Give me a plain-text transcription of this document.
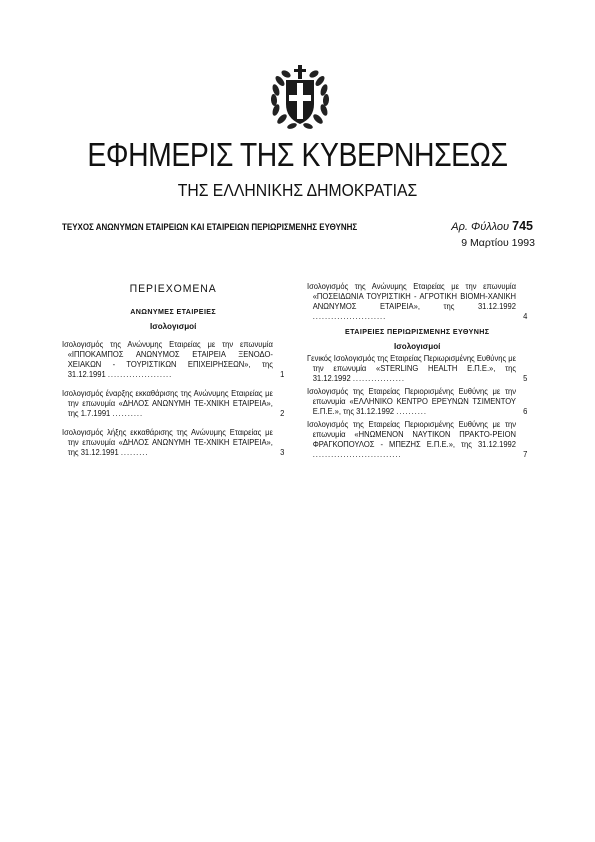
ΕΦΗΜΕΡΙΣ ΤΗΣ ΚΥΒΕΡΝΗΣΕΩΣ
ΤΗΣ ΕΛΛΗΝΙΚΗΣ ΔΗΜΟΚΡΑΤΙΑΣ
ΤΕΥΧΟΣ ΑΝΩΝΥΜΩΝ ΕΤΑΙΡΕΙΩΝ ΚΑΙ ΕΤΑΙΡΕΙΩΝ ΠΕΡΙΩΡΙΣΜΕΝΗΣ ΕΥΘΥΝΗΣ	Αρ. Φύλλου 745
9 Μαρτίου 1993
ΠΕΡΙΕΧΟΜΕΝΑ
ΑΝΩΝΥΜΕΣ ΕΤΑΙΡΕΙΕΣ
Ισολογισμοί
Ισολογισμός της Ανώνυμης Εταιρείας με την επωνυμία «ΙΠΠΟΚΑΜΠΟΣ ΑΝΩΝΥΜΟΣ ΕΤΑΙΡΕΙΑ ΞΕΝΟΔΟ-ΧΕΙΑΚΩΝ - ΤΟΥΡΙΣΤΙΚΩΝ ΕΠΙΧΕΙΡΗΣΕΩΝ», της 31.12.1991 .....................	1
Ισολογισμός έναρξης εκκαθάρισης της Ανώνυμης Εταιρείας με την επωνυμία «ΔΗΛΟΣ ΑΝΩΝΥΜΗ ΤΕ-ΧΝΙΚΗ ΕΤΑΙΡΕΙΑ», της 1.7.1991 ..........	2
Ισολογισμός λήξης εκκαθάρισης της Ανώνυμης Εταιρείας με την επωνυμία «ΔΗΛΟΣ ΑΝΩΝΥΜΗ ΤΕ-ΧΝΙΚΗ ΕΤΑΙΡΕΙΑ», της 31.12.1991 .........	3
Ισολογισμός της Ανώνυμης Εταιρείας με την επωνυμία «ΠΟΣΕΙΔΩΝΙΑ ΤΟΥΡΙΣΤΙΚΗ - ΑΓΡΟΤΙΚΗ ΒΙΟΜΗ-ΧΑΝΙΚΗ ΑΝΩΝΥΜΟΣ ΕΤΑΙΡΕΙΑ», της 31.12.1992 ........................	4
ΕΤΑΙΡΕΙΕΣ ΠΕΡΙΩΡΙΣΜΕΝΗΣ ΕΥΘΥΝΗΣ
Ισολογισμοί
Γενικός Ισολογισμός της Εταιρείας Περιωρισμένης Ευθύνης με την επωνυμία «STERLING HEALTH Ε.Π.Ε.», της 31.12.1992 .................	5
Ισολογισμός της Εταιρείας Περιορισμένης Ευθύνης με την επωνυμία «ΕΛΛΗΝΙΚΟ ΚΕΝΤΡΟ ΕΡΕΥΝΩΝ ΤΣΙΜΕΝΤΟΥ Ε.Π.Ε.», της 31.12.1992 ..........	6
Ισολογισμός της Εταιρείας Περιορισμένης Ευθύνης με την επωνυμία «ΗΝΩΜΕΝΟΝ ΝΑΥΤΙΚΟΝ ΠΡΑΚΤΟ-ΡΕΙΟΝ ΦΡΑΓΚΟΠΟΥΛΟΣ - ΜΠΕΖΗΣ Ε.Π.Ε.», της 31.12.1992 .............................	7
